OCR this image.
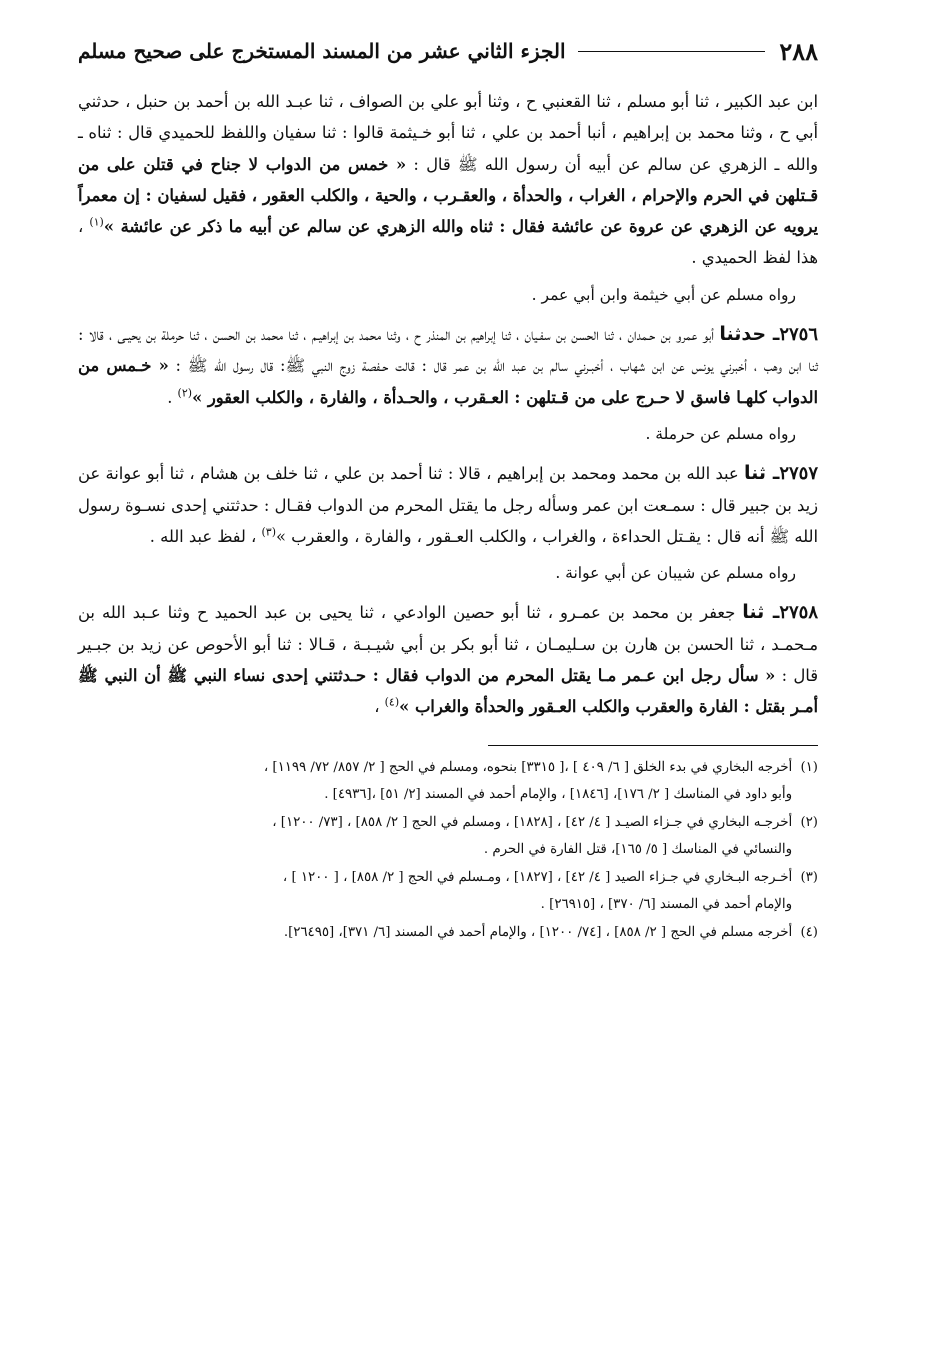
٢٨٨
الجزء الثاني عشر من المسند المستخرج على صحيح مسلم

ابن عبد الكبير ، ثنا أبو مسلم ، ثنا القعنبي ح ، وثنا أبو علي بن الصواف ، ثنا عبـد الله بن أحمد بن حنبل ، حدثني أبي ح ، وثنا محمد بن إبراهيم ، أنبا أحمد بن علي ، ثنا أبو خـيثمة قالوا : ثنا سفيان واللفظ للحميدي قال : ثناه ـ والله ـ الزهري عن سالم عن أبيه أن رسول الله ﷺ قال : « خمس من الدواب لا جناح في قتلن على من قـتلهن في الحرم والإحرام ، الغراب ، والحدأة ، والعقـرب ، والحية ، والكلب العقور ، فقيل لسفيان : إن معمراً يرويه عن الزهري عن عروة عن عائشة فقال : ثناه والله الزهري عن سالم عن أبيه ما ذكر عن عائشة »$^{(١)}$ ، هذا لفظ الحميدي .

رواه مسلم عن أبي خيثمة وابن أبي عمر .

٢٧٥٦ـ حدثنا أبو عمرو بن حـمدان ، ثنا الحسن بن سفـيان ، ثنا إبراهيم بن المنذر ح ، وثنا محمد بن إبراهيـم ، ثنا محمد بن الحسن ، ثنا حرملة بن يحيـى ، قالا : ثنا ابن وهب ، أخبرني يونس عن ابن شهاب ، أخبـرني سالم بن عبد الله بن عمر قال : قالت حـفصة زوج النبي ﷺ: قال رسول الله ﷺ : « خـمس من الدواب كلهـا فاسق لا حـرج على من قـتلهن : العـقرب ، والحـدأة ، والفارة ، والكلب العقور »$^{(٢)}$ .

رواه مسلم عن حرملة .

٢٧٥٧ـ ثنا عبد الله بن محمد ومحمد بن إبراهيم ، قالا : ثنا أحمد بن علي ، ثنا خلف بن هشام ، ثنا أبو عوانة عن زيد بن جبير قال : سمـعت ابن عمر وسأله رجل ما يقتل المحرم من الدواب فقـال : حدثتني إحدى نسـوة رسول الله ﷺ أنه قال : يقـتل الحداءة ، والغراب ، والكلب العـقور ، والفارة ، والعقرب »$^{(٣)}$ ، لفظ عبد الله .

رواه مسلم عن شيبان عن أبي عوانة .

٢٧٥٨ـ ثنا جعفر بن محمد بن عمـرو ، ثنا أبو حصين الوادعي ، ثنا يحيى بن عبد الحميد ح وثنا عـبد الله بن مـحمـد ، ثنا الحسن بن هارن بن سـليمـان ، ثنا أبو بكر بن أبي شيـبـة ، قـالا : ثنا أبو الأحوص عن زيد بن جبـير قال : « سأل رجل ابن عـمر مـا يقتل المحرم من الدواب فقال : حـدثتني إحدى نساء النبي ﷺ أن النبي ﷺ أمـر بقتل : الفارة والعقرب والكلب العـقور والحدأة والغراب »$^{(٤)}$ ،

(١) أخرجه البخاري في بدء الخلق [ ٦/ ٤٠٩ ] ،[ ٣٣١٥] بنحوه، ومسلم في الحج [ ٢/ ٨٥٧/ ٧٢/ ١١٩٩] ،
وأبو داود في المناسك [ ٢/ ١٧٦]، [١٨٤٦] ، والإمام أحمد في المسند [٢/ ٥١] ،[٤٩٣٦] .

(٢) أخرجـه البخاري في جـزاء الصيـد [ ٤/ ٤٢] ، [١٨٢٨] ، ومسلم في الحج [ ٢/ ٨٥٨] ، [٧٣/ ١٢٠٠] ،
والنسائي في المناسك [ ٥/ ١٦٥]، قتل الفارة في الحرم .

(٣) أخـرجه البـخاري في جـزاء الصيد [ ٤/ ٤٢] ، [١٨٢٧] ، ومـسلم في الحج [ ٢/ ٨٥٨] ، [ ١٢٠٠ ] ،
والإمام أحمد في المسند [٦/ ٣٧٠] ، [٢٦٩١٥] .

(٤) أخرجه مسلم في الحج [ ٢/ ٨٥٨] ، [٧٤/ ١٢٠٠] ، والإمام أحمد في المسند [٦/ ٣٧١]، [٢٦٤٩٥].
